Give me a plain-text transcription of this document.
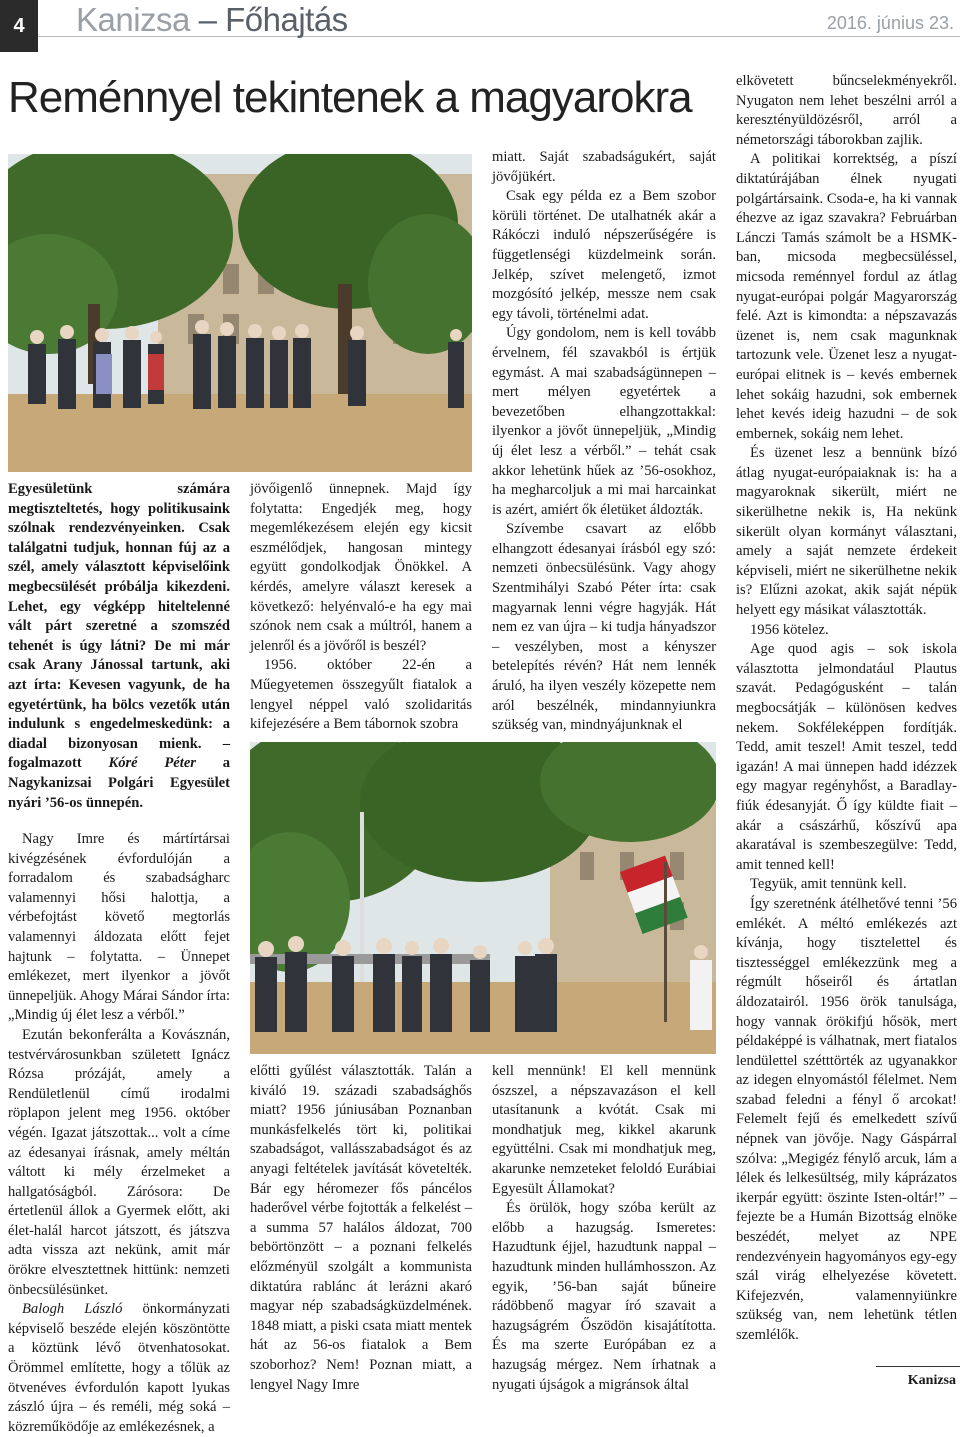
4	Kanizsa – Főhajtás	2016. június 23.
Reménnyel tekintenek a magyarokra
Egyesületünk számára megtiszteltetés, hogy politikusaink szólnak rendezvényeinken. Csak találgatni tudjuk, honnan fúj az a szél, amely választott képviselőink megbecsülését próbálja kikezdeni. Lehet, egy végképp hiteltelenné vált párt szeretné a szomszéd tehenét is úgy látni? De mi már csak Arany Jánossal tartunk, aki azt írta: Kevesen vagyunk, de ha egyetértünk, ha bölcs vezetők után indulunk s engedelmeskedünk: a diadal bizonyosan mienk. – fogalmazott Kóré Péter a Nagykanizsai Polgári Egyesület nyári ’56-os ünnepén.

Nagy Imre és mártírtársai kivégzésének évfordulóján a forradalom és szabadságharc valamennyi hősi halottja, a vérbefojtást követő megtorlás valamennyi áldozata előtt fejet hajtunk – folytatta. – Ünnepet emlékezet, mert ilyenkor a jövőt ünnepeljük. Ahogy Márai Sándor írta: „Mindig új élet lesz a vérből.”

Ezután bekonferálta a Kovásznán, testvérvárosunkban született Ignácz Rózsa prózáját, amely a Rendületlenül című irodalmi röplapon jelent meg 1956. október végén. Igazat játszottak... volt a címe az édesanyai írásnak, amely méltán váltott ki mély érzelmeket a hallgatóságból. Zárósora: De értetlenül állok a Gyermek előtt, aki élet-halál harcot játszott, és játszva adta vissza azt nekünk, amit már örökre elvesztettnek hittünk: nemzeti önbecsülésünket.

Balogh László önkormányzati képviselő beszéde elején köszöntötte a köztünk lévő ötvenhatosokat. Örömmel említette, hogy a tőlük az ötvenéves évfordulón kapott lyukas zászló újra – és reméli, még soká – közreműködője az emlékezésnek, a

jövőigenlő ünnepnek. Majd így folytatta: Engedjék meg, hogy megemlékezésem elején egy kicsit eszmélődjek, hangosan mintegy együtt gondolkodjak Önökkel. A kérdés, amelyre választ keresek a következő: helyénvaló-e ha egy mai szónok nem csak a múltról, hanem a jelenről és a jövőről is beszél?

1956. október 22-én a Műegyetemen összegyűlt fiatalok a lengyel néppel való szolidaritás kifejezésére a Bem tábornok szobra

előtti gyűlést választották. Talán a kiváló 19. századi szabadsághős miatt? 1956 júniusában Poznanban munkásfelkelés tört ki, politikai szabadságot, vallásszabadságot és az anyagi feltételek javítását követelték. Bár egy héromezer fős páncélos haderővel vérbe fojtották a felkelést – a summa 57 halálos áldozat, 700 bebörtönzött – a poznani felkelés előzményül szolgált a kommunista diktatúra rablánc át lerázni akaró magyar nép szabadságküzdelmének. 1848 miatt, a piski csata miatt mentek hát az 56-os fiatalok a Bem szoborhoz? Nem! Poznan miatt, a lengyel Nagy Imre

miatt. Saját szabadságukért, saját jövőjükért.

Csak egy példa ez a Bem szobor körüli történet. De utalhatnék akár a Rákóczi induló népszerűségére is függetlenségi küzdelmeink során. Jelkép, szívet melengető, izmot mozgósító jelkép, messze nem csak egy távoli, történelmi adat.

Úgy gondolom, nem is kell tovább érvelnem, fél szavakból is értjük egymást. A mai szabadságünnepen – mert mélyen egyetértek a bevezetőben elhangzottakkal: ilyenkor a jövőt ünnepeljük, „Mindig új élet lesz a vérből.” – tehát csak akkor lehetünk hűek az ’56-osokhoz, ha megharcoljuk a mi mai harcainkat is azért, amiért ők életüket áldozták.

Szívembe csavart az előbb elhangzott édesanyai írásból egy szó: nemzeti önbecsülésünk. Vagy ahogy Szentmihályi Szabó Péter írta: csak magyarnak lenni végre hagyják. Hát nem ez van újra – ki tudja hányadszor – veszélyben, most a kényszer betelepítés révén? Hát nem lennék áruló, ha ilyen veszély közepette nem aról beszélnék, mindannyiunkra szükség van, mindnyájunknak el

kell mennünk! El kell mennünk ószszel, a népszavazáson el kell utasítanunk a kvótát. Csak mi mondhatjuk meg, kikkel akarunk együttélni. Csak mi mondhatjuk meg, akarunke nemzeteket feloldó Eurábiai Egyesült Államokat?

És örülök, hogy szóba került az előbb a hazugság. Ismeretes: Hazudtunk éjjel, hazudtunk nappal – hazudtunk minden hullámhosszon. Az egyik, ’56-ban saját bűneire rádöbbenő magyar író szavait a hazugságrém Őszödön kisajátította. És ma szerte Európában ez a hazugság mérgez. Nem írhatnak a nyugati újságok a migránsok által

elkövetett bűncselekményekről. Nyugaton nem lehet beszélni arról a keresztényüldözésről, arról a németországi táborokban zajlik.

A politikai korrektség, a píszí diktatúrájában élnek nyugati polgártársaink. Csoda-e, ha ki vannak éhezve az igaz szavakra? Februárban Lánczi Tamás számolt be a HSMK-ban, micsoda megbecsüléssel, micsoda reménnyel fordul az átlag nyugat-európai polgár Magyarország felé. Azt is kimondta: a népszavazás üzenet is, nem csak magunknak tartozunk vele. Üzenet lesz a nyugat-európai elitnek is – kevés embernek lehet sokáig hazudni, sok embernek lehet kevés ideig hazudni – de sok embernek, sokáig nem lehet.

És üzenet lesz a bennünk bízó átlag nyugat-európaiaknak is: ha a magyaroknak sikerült, miért ne sikerülhetne nekik is, Ha nekünk sikerült olyan kormányt választani, amely a saját nemzete érdekeit képviseli, miért ne sikerülhetne nekik is? Elűzni azokat, akik saját népük helyett egy másikat választották.

1956 kötelez.

Age quod agis – sok iskola választotta jelmondatául Plautus szavát. Pedagógusként – talán megbocsátják – különösen kedves nekem. Sokféleképpen fordítják. Tedd, amit teszel! Amit teszel, tedd igazán! A mai ünnepen hadd idézzek egy magyar regényhőst, a Baradlay-fiúk édesanyját. Ő így küldte fiait – akár a császárhű, kőszívű apa akaratával is szembeszegülve: Tedd, amit tenned kell!

Tegyük, amit tennünk kell.

Így szeretnénk átélhetővé tenni ’56 emlékét. A méltó emlékezés azt kívánja, hogy tisztelettel és tisztességgel emlékezzünk meg a régmúlt hőseiről és ártatlan áldozatairól. 1956 örök tanulsága, hogy vannak örökifjú hősök, mert példaképpé is válhatnak, mert fiatalos lendülettel szétttörték az ugyanakkor az idegen elnyomástól félelmet. Nem szabad feledni a fényl ő arcokat! Felemelt fejű és emelkedett szívű népnek van jövője. Nagy Gáspárral szólva: „Megigéz fénylő arcuk, lám a lélek és lelkesültség, mily káprázatos ikerpár együtt: öszinte Isten-oltár!” – fejezte be a Humán Bizottság elnöke beszédét, melyet az NPE rendezvényein hagyományos egy-egy szál virág elhelyezése követett. Kifejezvén, valamennyiünkre szükség van, nem lehetünk tétlen szemlélők.

Kanizsa
